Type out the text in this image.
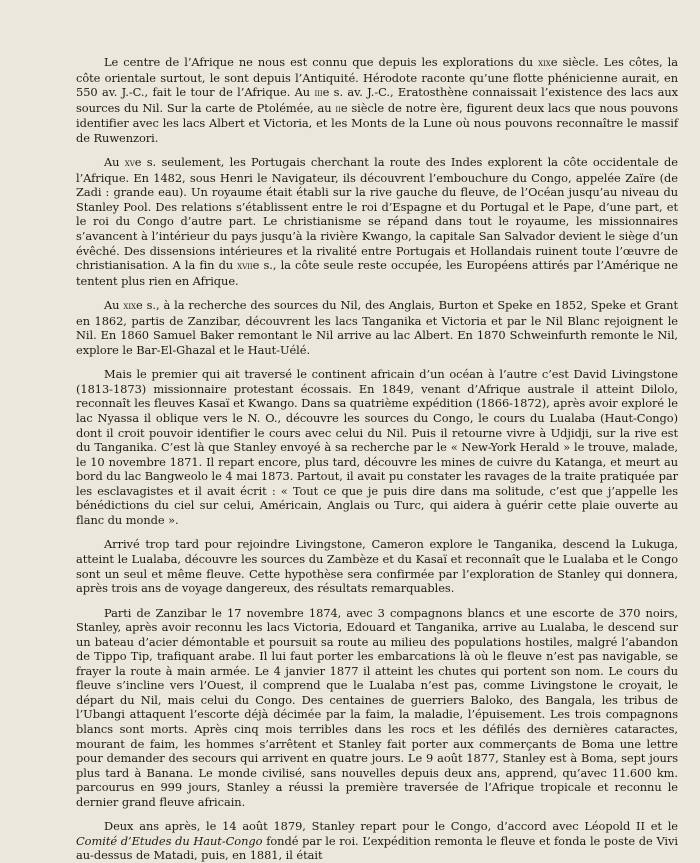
Le centre de l’Afrique ne nous est connu que depuis les explorations du xixe siècle. Les côtes, la côte orientale surtout, le sont depuis l’Antiquité. Hérodote raconte qu’une flotte phénicienne aurait, en 550 av. J.-C., fait le tour de l’Afrique. Au iiie s. av. J.-C., Eratosthène connaissait l’existence des lacs aux sources du Nil. Sur la carte de Ptolémée, au iie siècle de notre ère, figurent deux lacs que nous pouvons identifier avec les lacs Albert et Victoria, et les Monts de la Lune où nous pouvons reconnaître le massif de Ruwenzori.

Au xve s. seulement, les Portugais cherchant la route des Indes explorent la côte occidentale de l’Afrique. En 1482, sous Henri le Navigateur, ils découvrent l’embouchure du Congo, appelée Zaïre (de Zadi : grande eau). Un royaume était établi sur la rive gauche du fleuve, de l’Océan jusqu’au niveau du Stanley Pool. Des relations s’établissent entre le roi d’Espagne et du Portugal et le Pape, d’une part, et le roi du Congo d’autre part. Le christianisme se répand dans tout le royaume, les missionnaires s’avancent à l’intérieur du pays jusqu’à la rivière Kwango, la capitale San Salvador devient le siège d’un évêché. Des dissensions intérieures et la rivalité entre Portugais et Hollandais ruinent toute l’œuvre de christianisation. A la fin du xviie s., la côte seule reste occupée, les Européens attirés par l’Amérique ne tentent plus rien en Afrique.

Au xixe s., à la recherche des sources du Nil, des Anglais, Burton et Speke en 1852, Speke et Grant en 1862, partis de Zanzibar, découvrent les lacs Tanganika et Victoria et par le Nil Blanc rejoignent le Nil. En 1860 Samuel Baker remontant le Nil arrive au lac Albert. En 1870 Schweinfurth remonte le Nil, explore le Bar-El-Ghazal et le Haut-Uélé.

Mais le premier qui ait traversé le continent africain d’un océan à l’autre c’est David Livingstone (1813-1873) missionnaire protestant écossais. En 1849, venant d’Afrique australe il atteint Dilolo, reconnaît les fleuves Kasaï et Kwango. Dans sa quatrième expédition (1866-1872), après avoir exploré le lac Nyassa il oblique vers le N. O., découvre les sources du Congo, le cours du Lualaba (Haut-Congo) dont il croit pouvoir identifier le cours avec celui du Nil. Puis il retourne vivre à Udjidji, sur la rive est du Tanganika. C’est là que Stanley envoyé à sa recherche par le « New-York Herald » le trouve, malade, le 10 novembre 1871. Il repart encore, plus tard, découvre les mines de cuivre du Katanga, et meurt au bord du lac Bangweolo le 4 mai 1873. Partout, il avait pu constater les ravages de la traite pratiquée par les esclavagistes et il avait écrit : « Tout ce que je puis dire dans ma solitude, c’est que j’appelle les bénédictions du ciel sur celui, Américain, Anglais ou Turc, qui aidera à guérir cette plaie ouverte au flanc du monde ».

Arrivé trop tard pour rejoindre Livingstone, Cameron explore le Tanganika, descend la Lukuga, atteint le Lualaba, découvre les sources du Zambèze et du Kasaï et reconnaît que le Lualaba et le Congo sont un seul et même fleuve. Cette hypothèse sera confirmée par l’exploration de Stanley qui donnera, après trois ans de voyage dangereux, des résultats remarquables.

Parti de Zanzibar le 17 novembre 1874, avec 3 compagnons blancs et une escorte de 370 noirs, Stanley, après avoir reconnu les lacs Victoria, Edouard et Tanganika, arrive au Lualaba, le descend sur un bateau d’acier démontable et poursuit sa route au milieu des populations hostiles, malgré l’abandon de Tippo Tip, trafiquant arabe. Il lui faut porter les embarcations là où le fleuve n’est pas navigable, se frayer la route à main armée. Le 4 janvier 1877 il atteint les chutes qui portent son nom. Le cours du fleuve s’incline vers l’Ouest, il comprend que le Lualaba n’est pas, comme Livingstone le croyait, le départ du Nil, mais celui du Congo. Des centaines de guerriers Baloko, des Bangala, les tribus de l’Ubangi attaquent l’escorte déjà décimée par la faim, la maladie, l’épuisement. Les trois compagnons blancs sont morts. Après cinq mois terribles dans les rocs et les défilés des dernières cataractes, mourant de faim, les hommes s’arrêtent et Stanley fait porter aux commerçants de Boma une lettre pour demander des secours qui arrivent en quatre jours. Le 9 août 1877, Stanley est à Boma, sept jours plus tard à Banana. Le monde civilisé, sans nouvelles depuis deux ans, apprend, qu’avec 11.600 km. parcourus en 999 jours, Stanley a réussi la première traversée de l’Afrique tropicale et reconnu le dernier grand fleuve africain.

Deux ans après, le 14 août 1879, Stanley repart pour le Congo, d’accord avec Léopold II et le Comité d’Etudes du Haut-Congo fondé par le roi. L’expédition remonta le fleuve et fonda le poste de Vivi au-dessus de Matadi, puis, en 1881, il était
